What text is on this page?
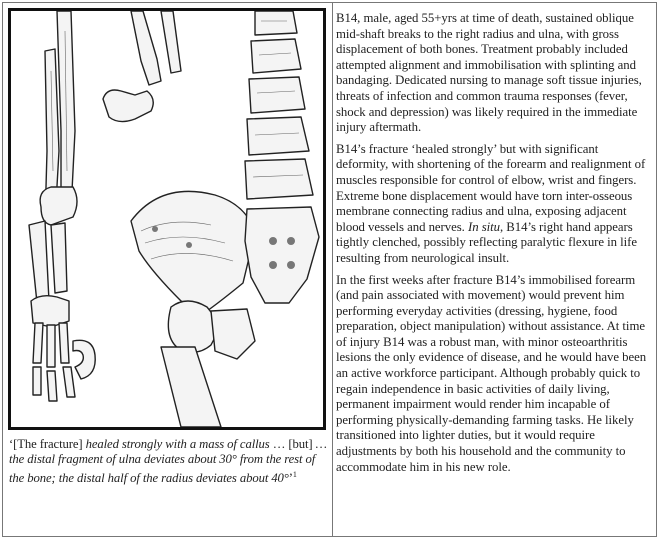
‘[The fracture] healed strongly with a mass of callus … [but] … the distal fragment of ulna deviates about 30° from the rest of the bone; the distal half of the radius deviates about 40°’$^1$

B14, male, aged 55+yrs at time of death, sustained oblique mid-shaft breaks to the right radius and ulna, with gross displacement of both bones. Treatment probably included attempted alignment and immobilisation with splinting and bandaging. Dedicated nursing to manage soft tissue injuries, threats of infection and common trauma responses (fever, shock and depression) was likely required in the immediate injury aftermath.

B14’s fracture ‘healed strongly’ but with significant deformity, with shortening of the forearm and realignment of muscles responsible for control of elbow, wrist and fingers. Extreme bone displacement would have torn inter-osseous membrane connecting radius and ulna, exposing adjacent blood vessels and nerves. In situ, B14’s right hand appears tightly clenched, possibly reflecting paralytic flexure in life resulting from neurological insult.

In the first weeks after fracture B14’s immobilised forearm (and pain associated with movement) would prevent him performing everyday activities (dressing, hygiene, food preparation, object manipulation) without assistance. At time of injury B14 was a robust man, with minor osteoarthritis lesions the only evidence of disease, and he would have been an active workforce participant. Although probably quick to regain independence in basic activities of daily living, permanent impairment would render him incapable of performing physically-demanding farming tasks. He likely transitioned into lighter duties, but it would require adjustments by both his household and the community to accommodate him in his new role.
